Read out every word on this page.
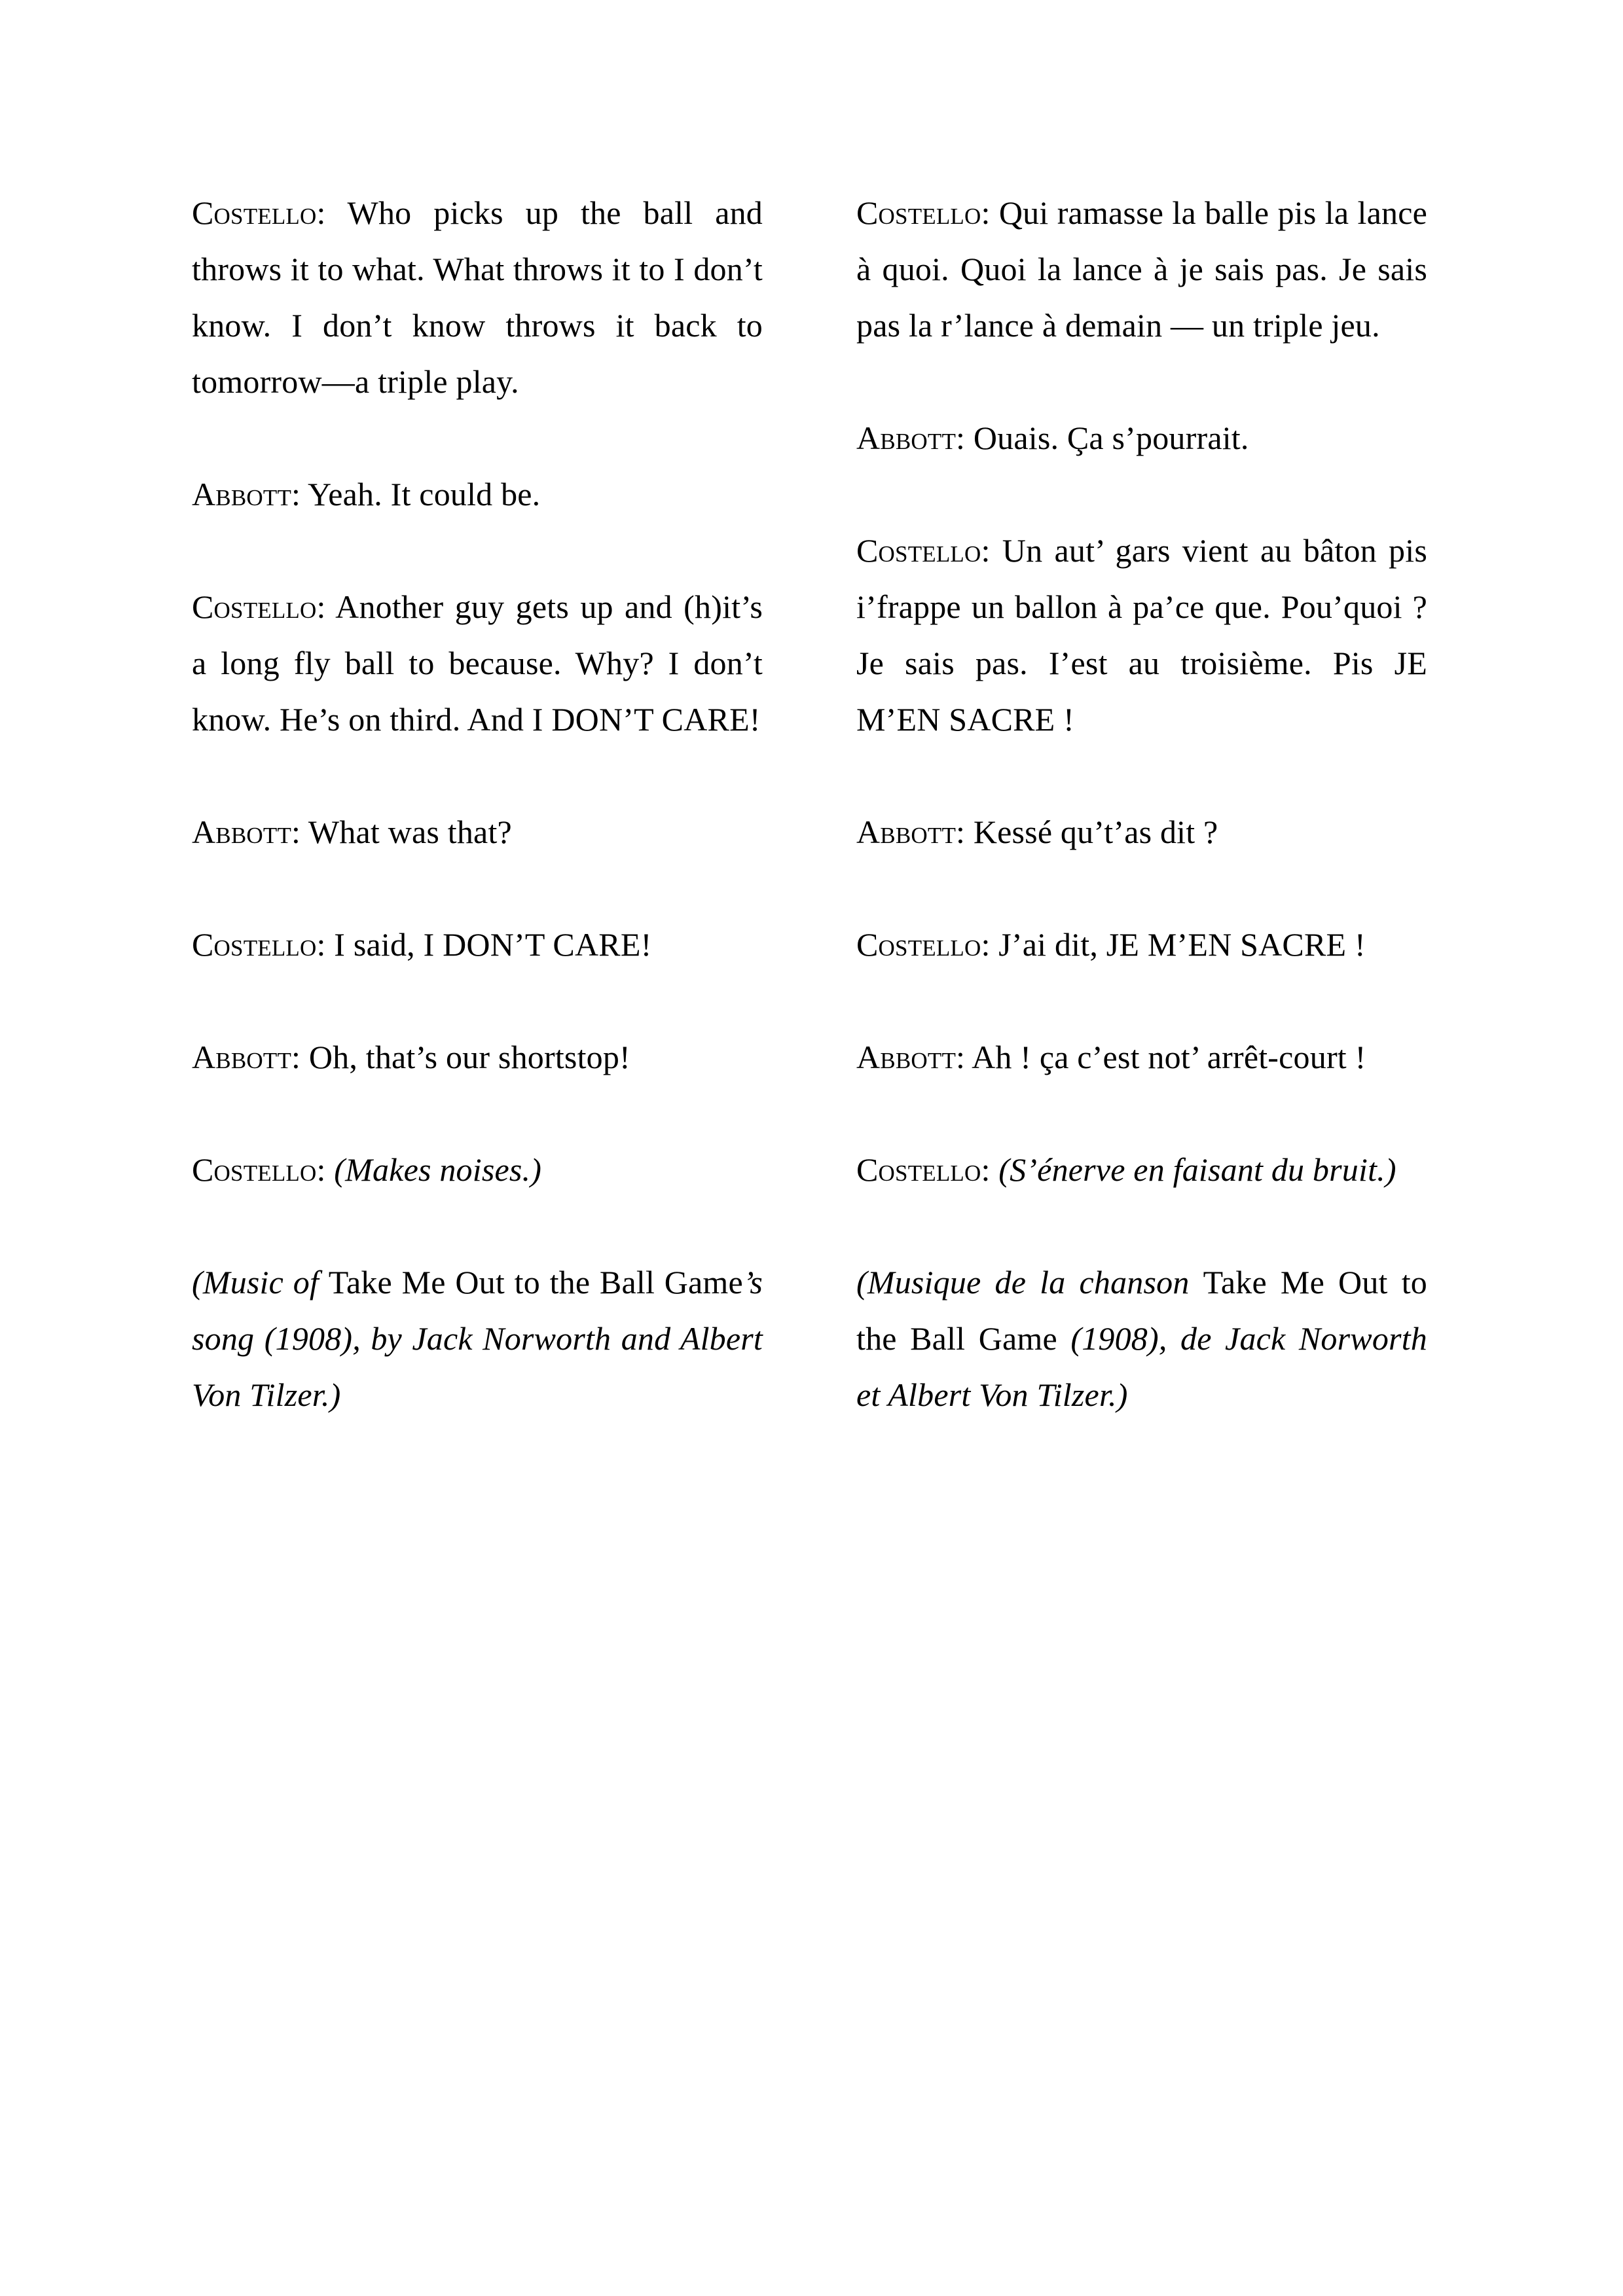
Costello: Who picks up the ball and throws it to what. What throws it to I don’t know. I don’t know throws it back to tomorrow—a triple play.

Abbott: Yeah. It could be.

Costello: Another guy gets up and (h)it’s a long fly ball to because. Why? I don’t know. He’s on third. And I DON’T CARE!

Abbott: What was that?

Costello: I said, I DON’T CARE!

Abbott: Oh, that’s our shortstop!

Costello: (Makes noises.)

(Music of Take Me Out to the Ball Game’s song (1908), by Jack Norworth and Albert Von Tilzer.)

Costello: Qui ramasse la balle pis la lance à quoi. Quoi la lance à je sais pas. Je sais pas la r’lance à demain — un triple jeu.

Abbott: Ouais. Ça s’pourrait.

Costello: Un aut’ gars vient au bâton pis i’frappe un ballon à pa’ce que. Pou’quoi ? Je sais pas. I’est au troisième. Pis JE M’EN SACRE !

Abbott: Kessé qu’t’as dit ?

Costello: J’ai dit, JE M’EN SACRE !

Abbott: Ah ! ça c’est not’ arrêt-court !

Costello: (S’énerve en faisant du bruit.)

(Musique de la chanson Take Me Out to the Ball Game (1908), de Jack Norworth et Albert Von Tilzer.)
